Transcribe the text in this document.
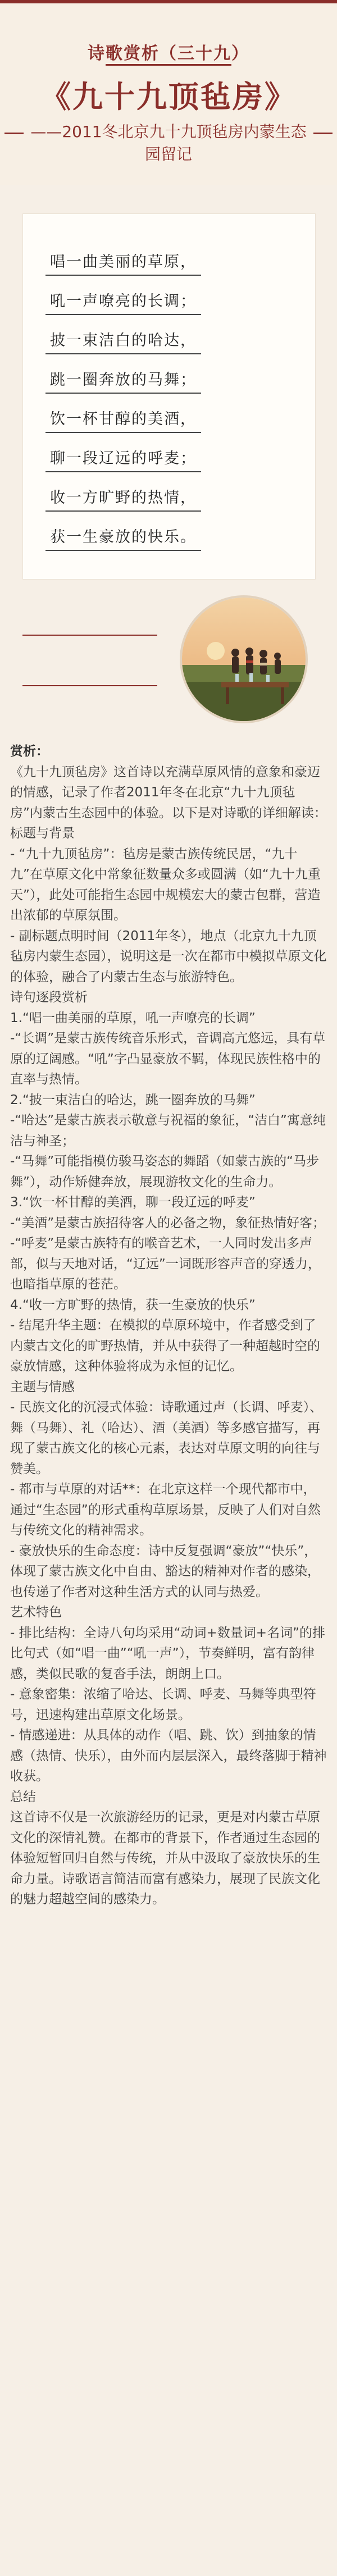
诗歌赏析（三十九）
《九十九顶毡房》
——2011冬北京九十九顶毡房内蒙生态
园留记
唱一曲美丽的草原，
吼一声嘹亮的长调；
披一束洁白的哈达，
跳一圈奔放的马舞；
饮一杯甘醇的美酒，
聊一段辽远的呼麦；
收一方旷野的热情，
获一生豪放的快乐。

赏析：

《九十九顶毡房》这首诗以充满草原风情的意象和豪迈的情感，记录了作者2011年冬在北京“九十九顶毡房”内蒙古生态园中的体验。以下是对诗歌的详细解读：

标题与背景

- “九十九顶毡房”：毡房是蒙古族传统民居，“九十九”在草原文化中常象征数量众多或圆满（如“九十九重天”），此处可能指生态园中规模宏大的蒙古包群，营造出浓郁的草原氛围。

- 副标题点明时间（2011年冬），地点（北京九十九顶毡房内蒙生态园），说明这是一次在都市中模拟草原文化的体验，融合了内蒙古生态与旅游特色。

诗句逐段赏析

1.“唱一曲美丽的草原，吼一声嘹亮的长调”

-“长调”是蒙古族传统音乐形式，音调高亢悠远，具有草原的辽阔感。“吼”字凸显豪放不羁，体现民族性格中的直率与热情。

2.“披一束洁白的哈达，跳一圈奔放的马舞”

-“哈达”是蒙古族表示敬意与祝福的象征，“洁白”寓意纯洁与神圣；

-“马舞”可能指模仿骏马姿态的舞蹈（如蒙古族的“马步舞”），动作矫健奔放，展现游牧文化的生命力。

3.“饮一杯甘醇的美酒，聊一段辽远的呼麦”

-“美酒”是蒙古族招待客人的必备之物，象征热情好客；

-“呼麦”是蒙古族特有的喉音艺术，一人同时发出多声部，似与天地对话，“辽远”一词既形容声音的穿透力，也暗指草原的苍茫。

4.“收一方旷野的热情，获一生豪放的快乐”

- 结尾升华主题：在模拟的草原环境中，作者感受到了内蒙古文化的旷野热情，并从中获得了一种超越时空的豪放情感，这种体验将成为永恒的记忆。

主题与情感

- 民族文化的沉浸式体验：诗歌通过声（长调、呼麦）、舞（马舞）、礼（哈达）、酒（美酒）等多感官描写，再现了蒙古族文化的核心元素，表达对草原文明的向往与赞美。

- 都市与草原的对话**：在北京这样一个现代都市中，通过“生态园”的形式重构草原场景，反映了人们对自然与传统文化的精神需求。

- 豪放快乐的生命态度：诗中反复强调“豪放”“快乐”，体现了蒙古族文化中自由、豁达的精神对作者的感染，也传递了作者对这种生活方式的认同与热爱。

艺术特色

- 排比结构：全诗八句均采用“动词+数量词+名词”的排比句式（如“唱一曲”“吼一声”），节奏鲜明，富有韵律感，类似民歌的复沓手法，朗朗上口。

- 意象密集：浓缩了哈达、长调、呼麦、马舞等典型符号，迅速构建出草原文化场景。

- 情感递进：从具体的动作（唱、跳、饮）到抽象的情感（热情、快乐），由外而内层层深入，最终落脚于精神收获。

总结

这首诗不仅是一次旅游经历的记录，更是对内蒙古草原文化的深情礼赞。在都市的背景下，作者通过生态园的体验短暂回归自然与传统，并从中汲取了豪放快乐的生命力量。诗歌语言简洁而富有感染力，展现了民族文化的魅力超越空间的感染力。
